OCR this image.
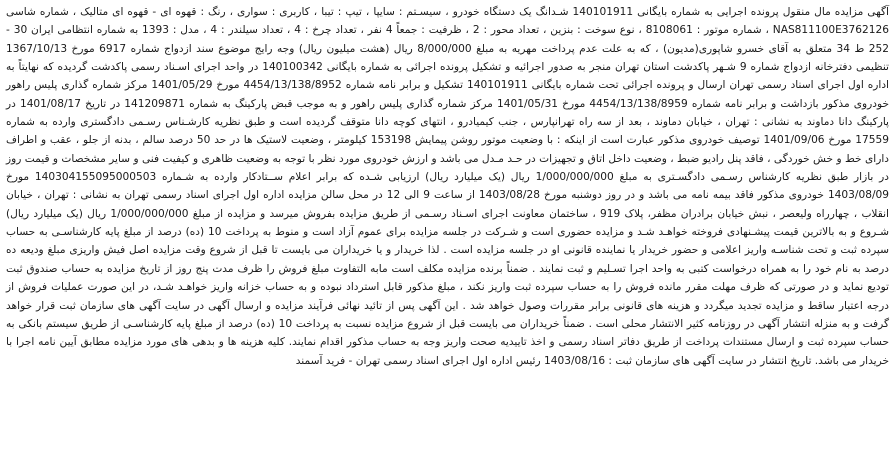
آگهی مزایده مال منقول پرونده اجرایی به شماره بایگانی 140101911 شـدانگ یک دستگاه خودرو ، سیسـتم : سایپا ، تیپ : تیبا ، کاربری : سواری ، رنگ : قهوه ای - قهوه ای متالیک ، شماره شاسی NAS811100E3762126 ، شماره موتور : 8108061 ، نوع سوخت : بنزین ، تعداد محور : 2 ، ظرفیت : جمعاً 4 نفر ، تعداد چرخ : 4 ، تعداد سیلندر : 4 ، مدل : 1393 به شماره انتظامی ایران 30 - 252 ط 34 متعلق به آقای خسرو شاپوری(مدیون) ، که به علت عدم پرداخت مهریه به مبلغ 8/000/000 ریال (هشت میلیون ریال) وجه رایج موضوع سند ازدواج شماره 6917 مورخ 1367/10/13 تنظیمی دفترخانه ازدواج شماره 9 شـهر پاکدشت استان تهران منجر به صدور اجرائیه و تشکیل پرونده اجرائی به شماره بایگانی 140100342 در واحد اجرای اسـناد رسمی پاکدشت گردیده که نهایتاً به اداره اول اجرای اسناد رسمی تهران ارسال و پرونده اجرائی تحت شماره بایگانی 140101911 تشکیل و برابر نامه شماره 4454/13/138/8952 مورخ 1401/05/29 مرکز شماره گذاری پلیس راهور خودروی مذکور بازداشت و برابر نامه شماره 4454/13/138/8959 مورخ 1401/05/31 مرکز شماره گذاری پلیس راهور و به موجب قبض پارکینگ به شماره 141209871 در تاریخ 1401/08/17 در پارکینگ دانا دماوند به نشانی : تهران ، خیابان دماوند ، بعد از سه راه تهرانپارس ، جنب کیمیادرو ، انتهای کوچه دانا متوقف گردیده است و طبق نظریه کارشـناس رسـمی دادگستری وارده به شماره 17559 مورخ 1401/09/06 توصیف خودروی مذکور عبارت است از اینکه : با وضعیت موتور روشن پیمایش 153198 کیلومتر ، وضعیت لاستیک ها در حد 50 درصد سالم ، بدنه از جلو ، عقب و اطراف دارای خط و خش خوردگی ، فاقد پنل رادیو ضبط ، وضعیت داخل اتاق و تجهیزات در حـد مـدل می باشد و ارزش خودروی مورد نظر با توجه به وضعیت ظاهری و کیفیت فنی و سایر مشخصات و قیمت روز در بازار طبق نظریه کارشناس رسـمی دادگسـتری به مبلغ 1/000/000/000 ریال (یک میلیارد ریال) ارزیابی شـده که برابر اعلام ســتادکار وارده به شـماره 140304155095000503 مورخ 1403/08/09 خودروی مذکور فاقد بیمه نامه می باشد و در روز دوشنبه مورخ 1403/08/28 از ساعت 9 الی 12 در محل سالن مزایده اداره اول اجرای اسناد رسمی تهران به نشانی : تهران ، خیابان انقلاب ، چهارراه ولیعصر ، نبش خیابان برادران مظفر، پلاک 919 ، ساختمان معاونت اجرای اسـناد رسـمی از طریق مزایده بفروش میرسد و مزایده از مبلغ 1/000/000/000 ریال (یک میلیارد ریال) شـروع و به بالاترین قیمت پیشـنهادی فروخته خواهـد شـد و مزایده حضوری است و شـرکت در جلسه مزایده برای عموم آزاد است و منوط به پرداخت 10 (ده) درصد از مبلغ پایه کارشناسـی به حساب سپرده ثبت و تحت شناسـه واریز اعلامی و حضور خریدار یا نماینده قانونی او در جلسه مزایده است . لذا خریدار و یا خریداران می بایست تا قبل از شروع وقت مزایده اصل فیش واریزی مبلغ ودیعه ده درصد به نام خود را به همراه درخواست کتبی به واحد اجرا تسـلیم و ثبت نمایند . ضمناً برنده مزایده مکلف است مابه التفاوت مبلغ فروش را ظرف مدت پنج روز از تاریخ مزایده به حساب صندوق ثبت تودیع نماید و در صورتی که ظرف مهلت مقرر مانده فروش را به حساب سپرده ثبت واریز نکند ، مبلغ مذکور قابل استرداد نبوده و به حساب خزانه واریز خواهـد شـد، در این صورت عملیات فروش از درجه اعتبار ساقط و مزایده تجدید میگردد و هزینه های قانونی برابر مقررات وصول خواهد شد . این آگهی پس از تائید نهائی فرآیند مزایده و ارسال آگهی در سایت آگهی های سازمان ثبت قرار خواهد گرفت و به منزله انتشار آگهی در روزنامه کثیر الانتشار محلی است . ضمناً خریداران می بایست قبل از شروع مزایده نسبت به پرداخت 10 (ده) درصد از مبلغ پایه کارشناسـی از طریق سیستم بانکی به حساب سپرده ثبت و ارسال مستندات پرداخت از طریق دفاتر اسناد رسمی و اخذ تاییدیه صحت واریز وجه به حساب مذکور اقدام نمایند. کلیه هزینه ها و بدهی های مورد مزایده مطابق آیین نامه اجرا با خریدار می باشد. تاریخ انتشار در سایت آگهی های سازمان ثبت : 1403/08/16 رئیس اداره اول اجرای اسناد رسمی تهران - فرید آسمند
